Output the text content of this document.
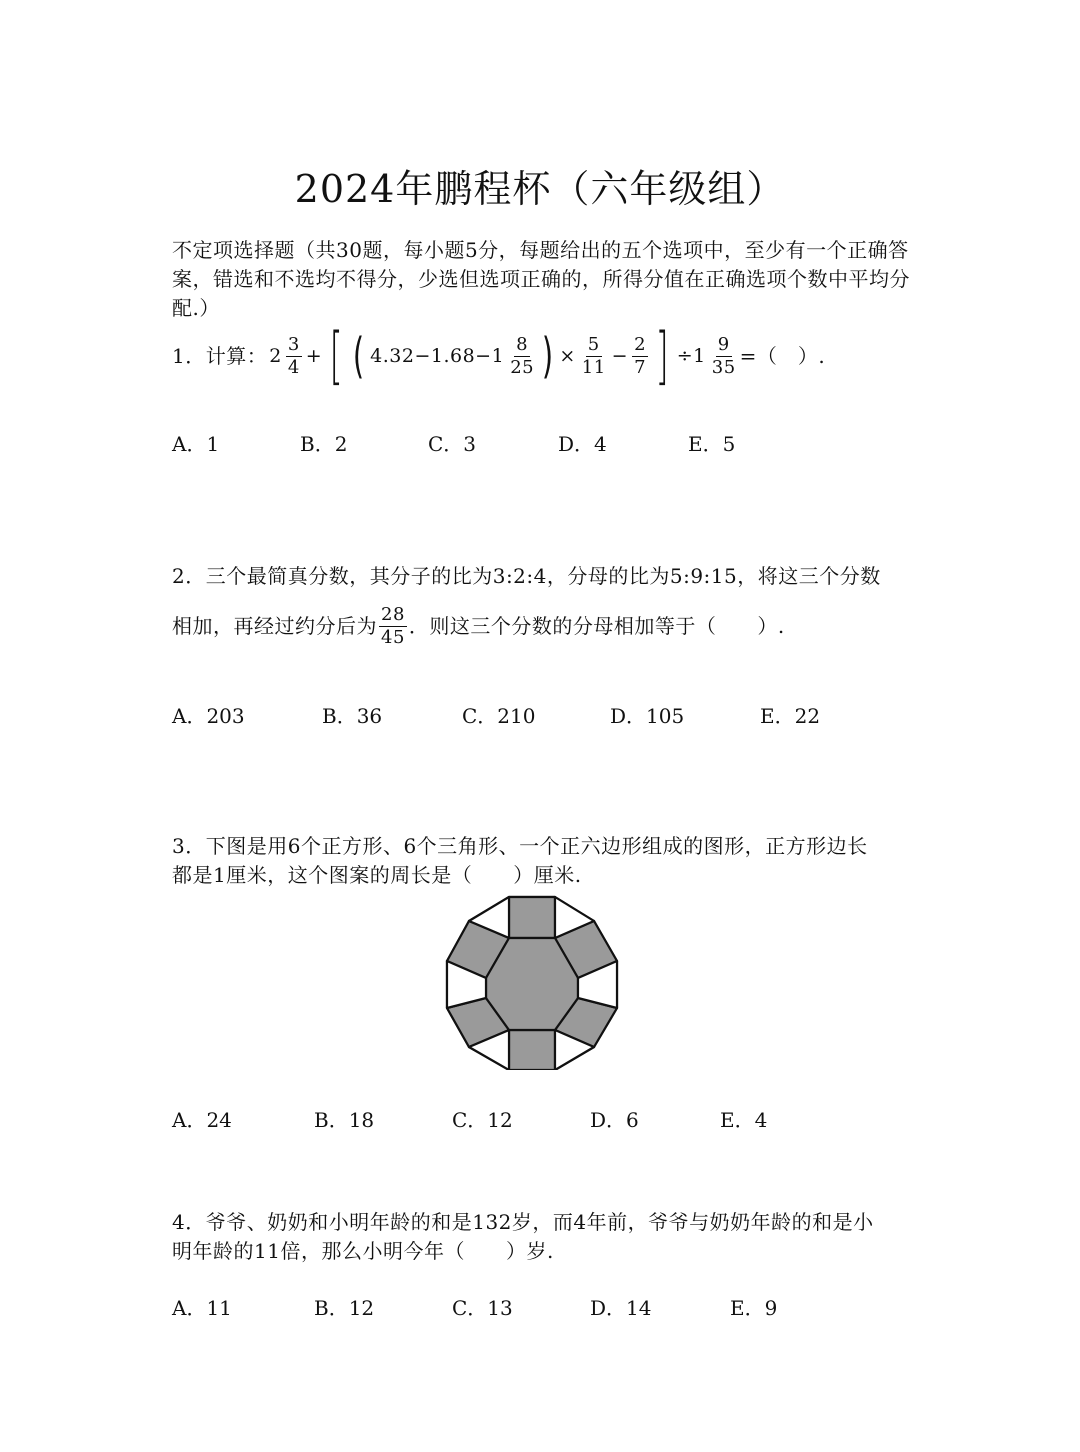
2024年鹏程杯（六年级组）
不定项选择题（共30题，每小题5分，每题给出的五个选项中，至少有一个正确答案，错选和不选均不得分，少选但选项正确的，所得分值在正确选项个数中平均分配.）
1．计算： $2 \frac{3}{4}$ + [ ( $4.32-1.68-1 \frac{8}{25}$ ) × $\frac{5}{11} - \frac{2}{7}$ ] $\div 1 \frac{9}{35}$ =（　）.
A．1	B．2	C．3	D．4	E．5
2．三个最简真分数，其分子的比为3:2:4，分母的比为5:9:15，将这三个分数
相加，再经过约分后为 $\frac{28}{45}$ ．则这三个分数的分母相加等于（　　）.
A．203	B．36	C．210	D．105	E．22
3．下图是用6个正方形、6个三角形、一个正六边形组成的图形，正方形边长
都是1厘米，这个图案的周长是（　　）厘米.
A．24	B．18	C．12	D．6	E．4
4．爷爷、奶奶和小明年龄的和是132岁，而4年前，爷爷与奶奶年龄的和是小
明年龄的11倍，那么小明今年（　　）岁.
A．11	B．12	C．13	D．14	E．9
